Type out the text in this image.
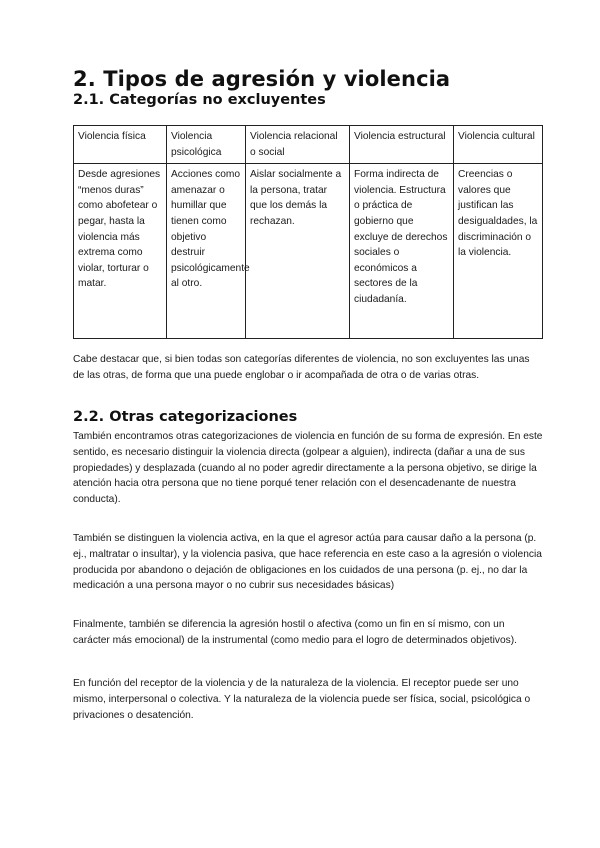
2. Tipos de agresión y violencia
2.1. Categorías no excluyentes
Violencia física	Violencia psicológica	Violencia relacional o social	Violencia estructural	Violencia cultural
Desde agresiones “menos duras” como abofetear o pegar, hasta la violencia más extrema como violar, torturar o matar.	Acciones como amenazar o humillar que tienen como objetivo destruir psicológicamente al otro.	Aislar socialmente a la persona, tratar que los demás la rechazan.	Forma indirecta de violencia. Estructura o práctica de gobierno que excluye de derechos sociales o económicos a sectores de la ciudadanía.	Creencias o valores que justifican las desigualdades, la discriminación o la violencia.

Cabe destacar que, si bien todas son categorías diferentes de violencia, no son excluyentes las unas de las otras, de forma que una puede englobar o ir acompañada de otra o de varias otras.

2.2. Otras categorizaciones

También encontramos otras categorizaciones de violencia en función de su forma de expresión. En este sentido, es necesario distinguir la violencia directa (golpear a alguien), indirecta (dañar a una de sus propiedades) y desplazada (cuando al no poder agredir directamente a la persona objetivo, se dirige la atención hacia otra persona que no tiene porqué tener relación con el desencadenante de nuestra conducta).

También se distinguen la violencia activa, en la que el agresor actúa para causar daño a la persona (p. ej., maltratar o insultar), y la violencia pasiva, que hace referencia en este caso a la agresión o violencia producida por abandono o dejación de obligaciones en los cuidados de una persona (p. ej., no dar la medicación a una persona mayor o no cubrir sus necesidades básicas)

Finalmente, también se diferencia la agresión hostil o afectiva (como un fin en sí mismo, con un carácter más emocional) de la instrumental (como medio para el logro de determinados objetivos).

En función del receptor de la violencia y de la naturaleza de la violencia. El receptor puede ser uno mismo, interpersonal o colectiva. Y la naturaleza de la violencia puede ser física, social, psicológica o privaciones o desatención.
